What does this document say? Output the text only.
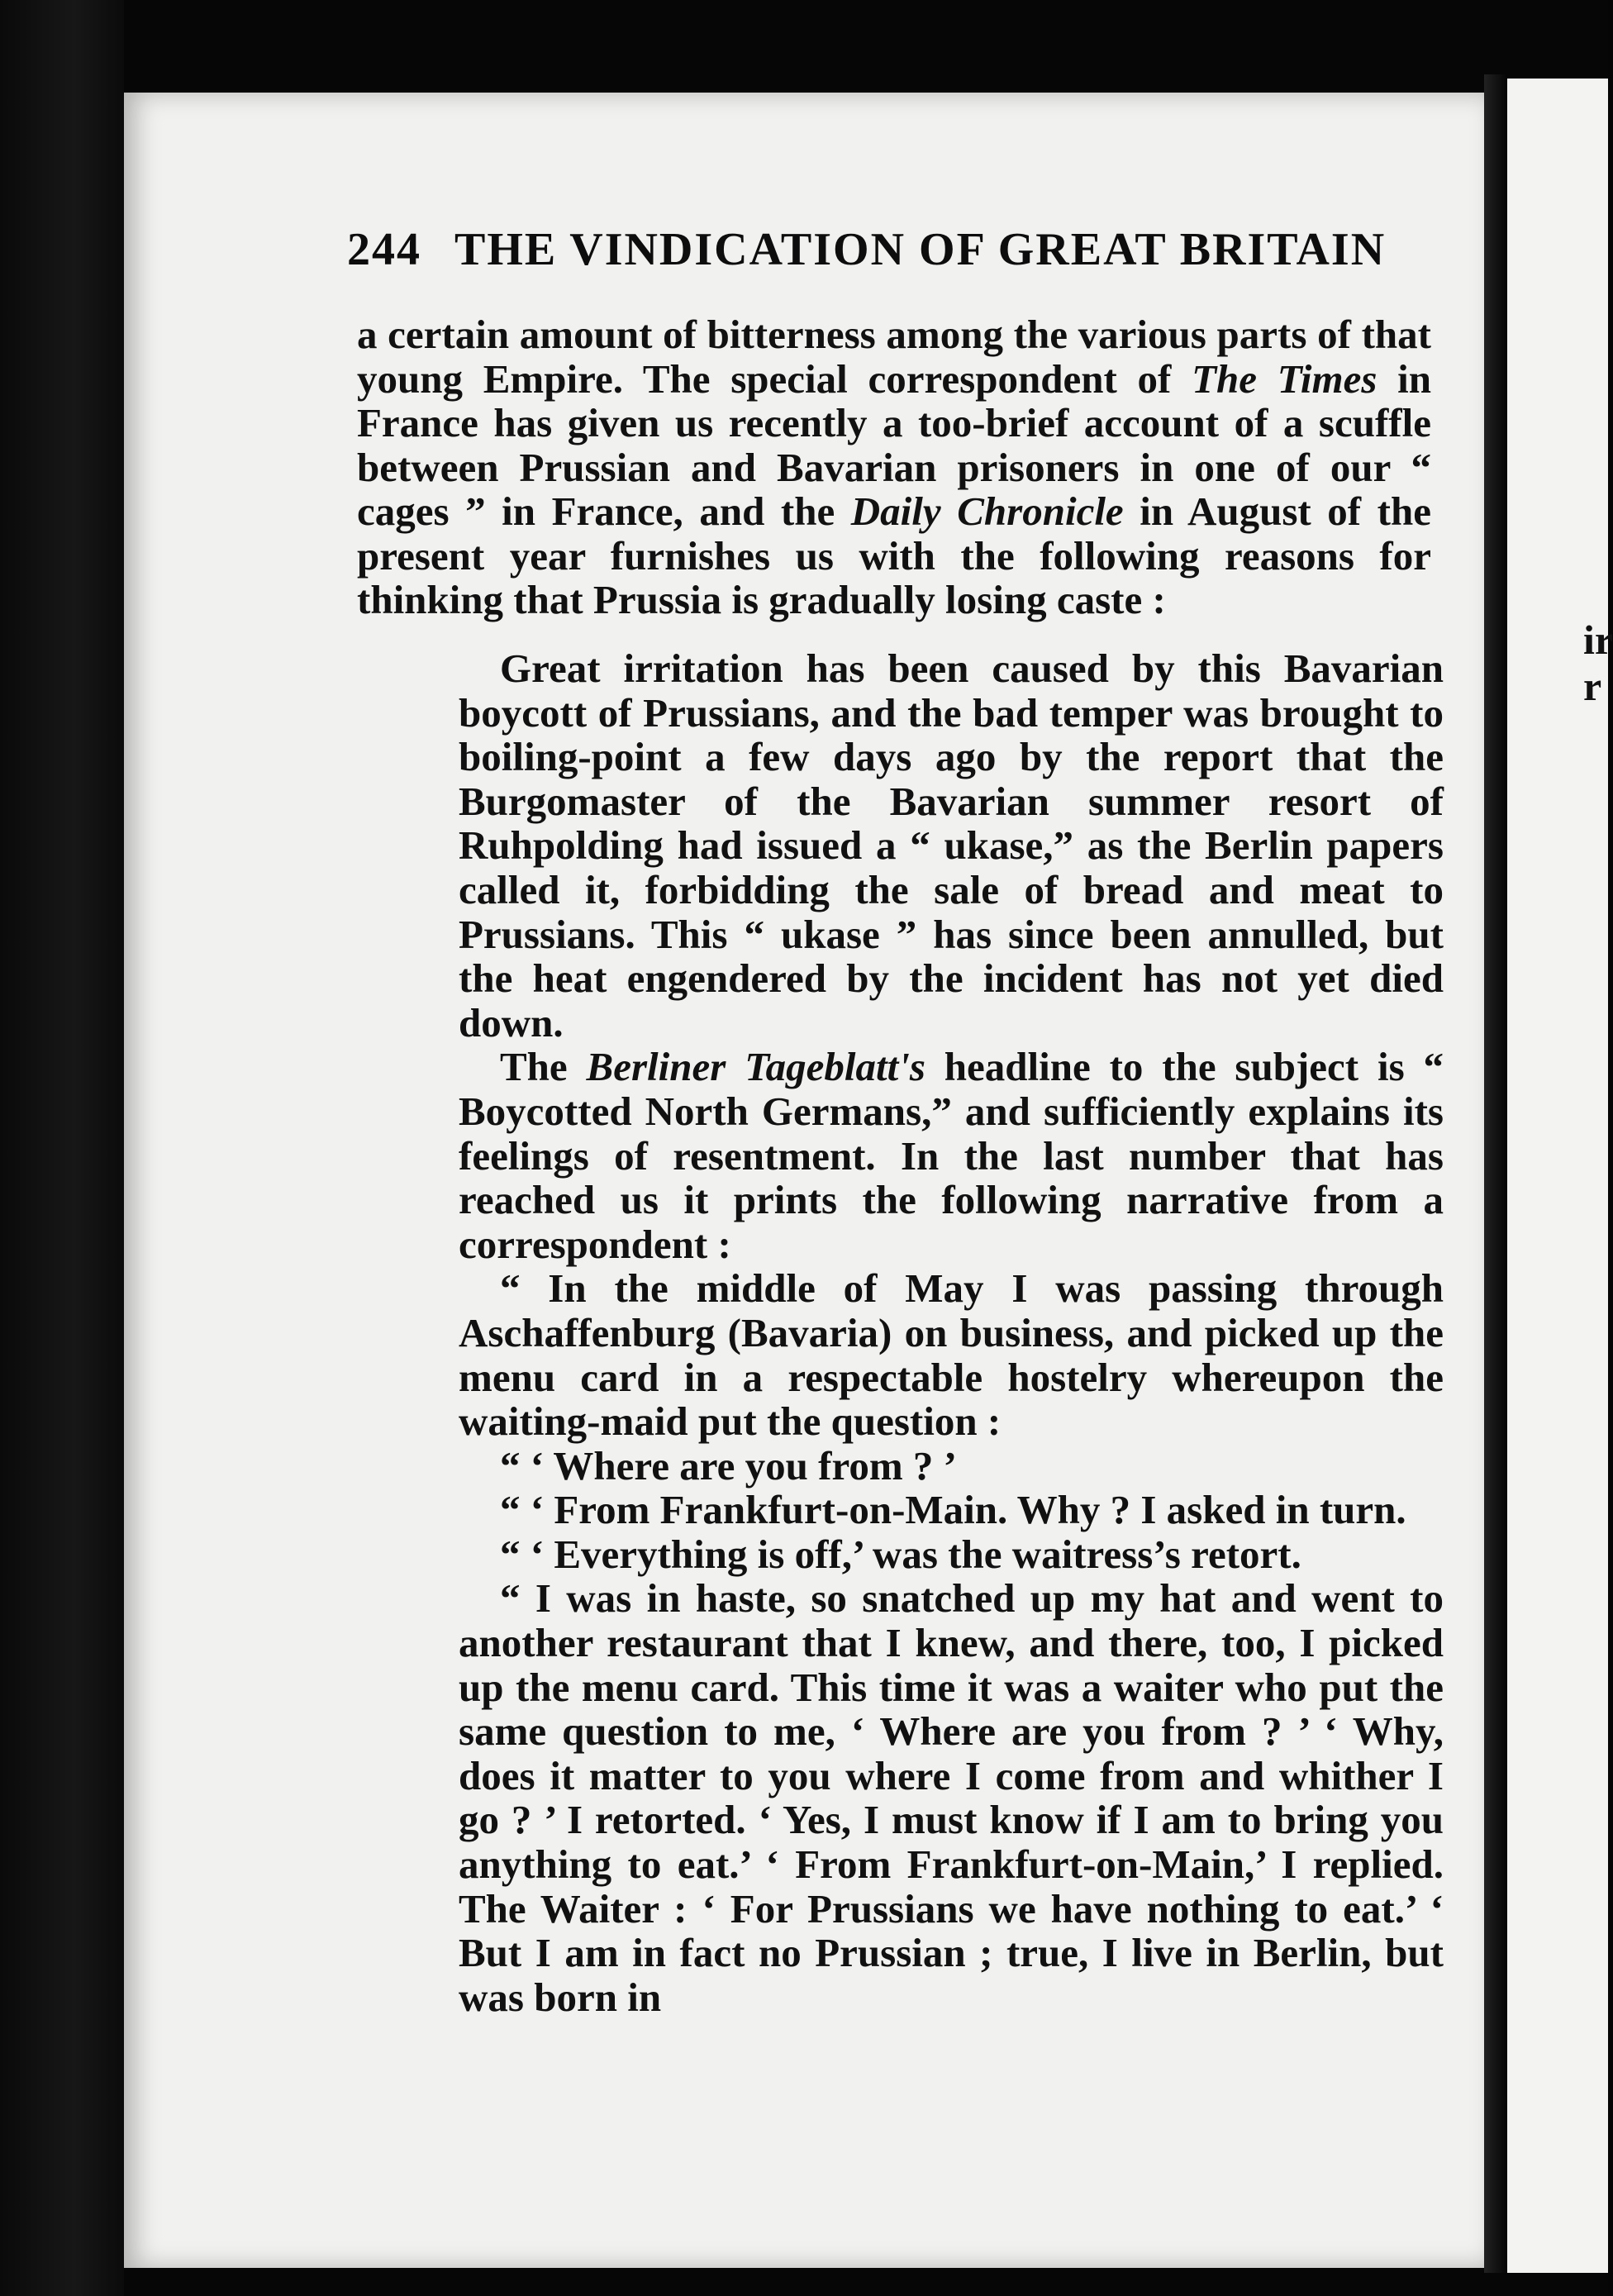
ir
r
244 THE VINDICATION OF GREAT BRITAIN

a certain amount of bitterness among the various parts of that young Empire. The special correspondent of The Times in France has given us recently a too-brief account of a scuffle between Prussian and Bavarian prisoners in one of our “ cages ” in France, and the Daily Chronicle in August of the present year furnishes us with the following reasons for thinking that Prussia is gradually losing caste :

Great irritation has been caused by this Bavarian boycott of Prussians, and the bad temper was brought to boiling-point a few days ago by the report that the Burgomaster of the Bavarian summer resort of Ruhpolding had issued a “ ukase,” as the Berlin papers called it, forbidding the sale of bread and meat to Prussians. This “ ukase ” has since been annulled, but the heat engendered by the incident has not yet died down.

The Berliner Tageblatt's headline to the subject is “ Boycotted North Germans,” and sufficiently explains its feelings of resentment. In the last number that has reached us it prints the following narrative from a correspondent :

“ In the middle of May I was passing through Aschaffenburg (Bavaria) on business, and picked up the menu card in a respectable hostelry whereupon the waiting-maid put the question :

“ ‘ Where are you from ? ’

“ ‘ From Frankfurt-on-Main. Why ? I asked in turn.

“ ‘ Everything is off,’ was the waitress’s retort.

“ I was in haste, so snatched up my hat and went to another restaurant that I knew, and there, too, I picked up the menu card. This time it was a waiter who put the same question to me, ‘ Where are you from ? ’ ‘ Why, does it matter to you where I come from and whither I go ? ’ I retorted. ‘ Yes, I must know if I am to bring you anything to eat.’ ‘ From Frankfurt-on-Main,’ I replied. The Waiter : ‘ For Prussians we have nothing to eat.’ ‘ But I am in fact no Prussian ; true, I live in Berlin, but was born in
